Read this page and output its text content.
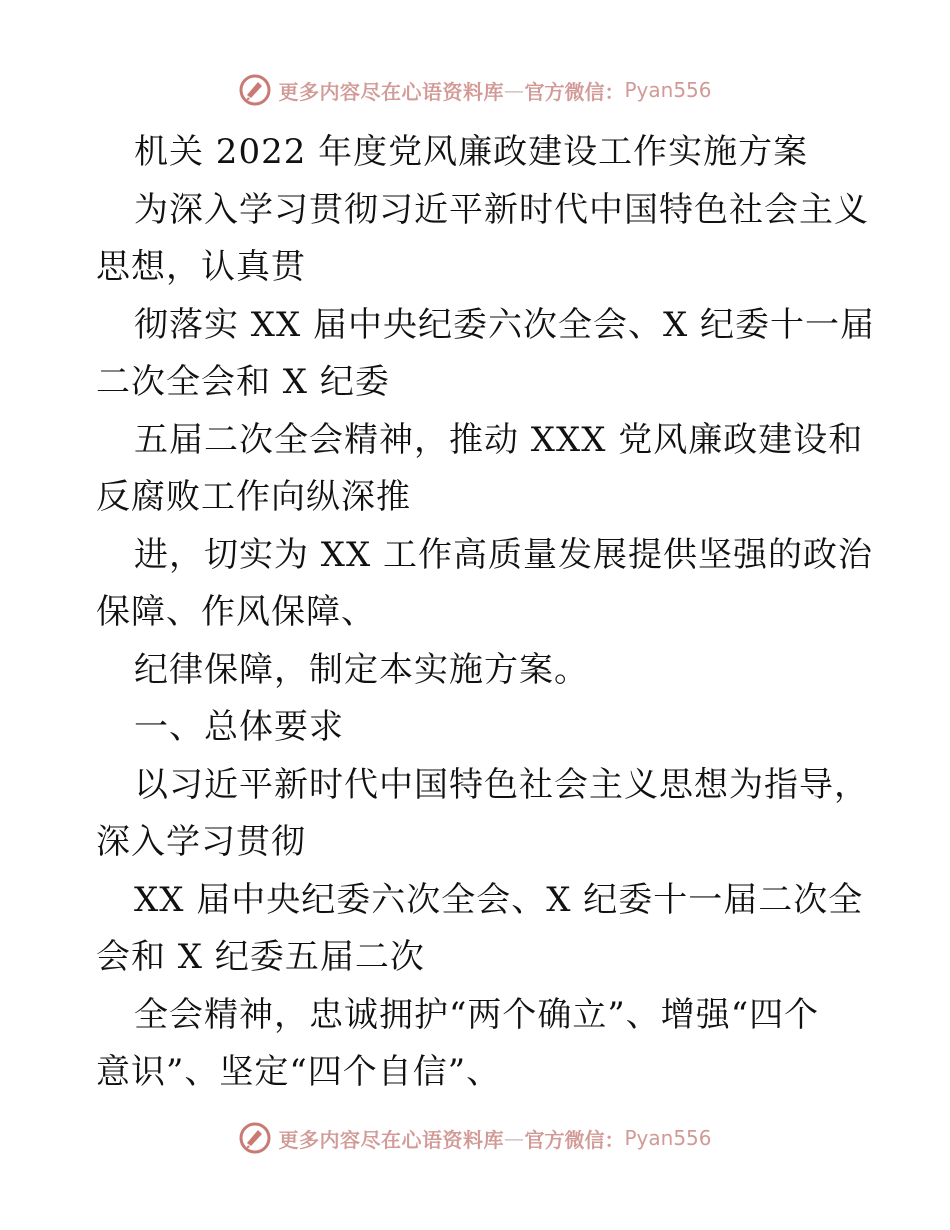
更多内容尽在心语资料库 — 官方微信： Pyan556
机关 2022 年度党风廉政建设工作实施方案
为深入学习贯彻习近平新时代中国特色社会主义
思想，认真贯
彻落实 XX 届中央纪委六次全会、X 纪委十一届
二次全会和 X 纪委
五届二次全会精神，推动 XXX 党风廉政建设和
反腐败工作向纵深推
进，切实为 XX 工作高质量发展提供坚强的政治
保障、作风保障、
纪律保障，制定本实施方案。
一、总体要求
以习近平新时代中国特色社会主义思想为指导，
深入学习贯彻
XX 届中央纪委六次全会、X 纪委十一届二次全
会和 X 纪委五届二次
全会精神，忠诚拥护“两个确立”、增强“四个
意识”、坚定“四个自信”、
更多内容尽在心语资料库 — 官方微信： Pyan556
